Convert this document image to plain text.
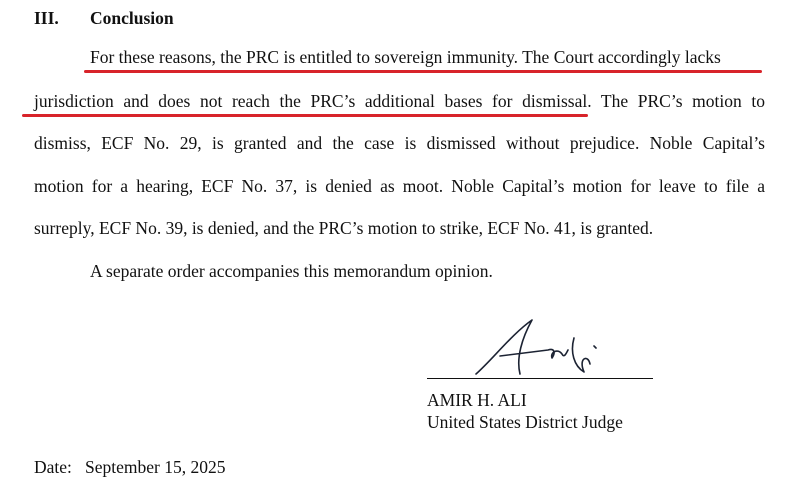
III. Conclusion
For these reasons, the PRC is entitled to sovereign immunity. The Court accordingly lacks
jurisdiction and does not reach the PRC’s additional bases for dismissal. The PRC’s motion to
dismiss, ECF No. 29, is granted and the case is dismissed without prejudice. Noble Capital’s
motion for a hearing, ECF No. 37, is denied as moot. Noble Capital’s motion for leave to file a
surreply, ECF No. 39, is denied, and the PRC’s motion to strike, ECF No. 41, is granted.
A separate order accompanies this memorandum opinion.
AMIR H. ALI
United States District Judge
Date: September 15, 2025
